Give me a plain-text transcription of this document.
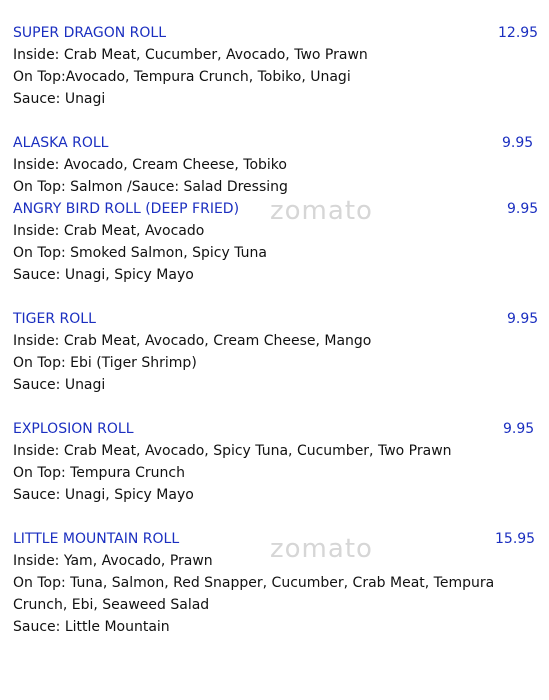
SUPER DRAGON ROLL	12.95
Inside: Crab Meat, Cucumber, Avocado, Two Prawn
On Top:Avocado, Tempura Crunch, Tobiko, Unagi
Sauce: Unagi
ALASKA ROLL	9.95
Inside: Avocado, Cream Cheese, Tobiko
On Top: Salmon /Sauce: Salad Dressing
ANGRY BIRD ROLL (DEEP FRIED)	9.95
Inside: Crab Meat, Avocado
On Top: Smoked Salmon, Spicy Tuna
Sauce: Unagi, Spicy Mayo
TIGER ROLL	9.95
Inside: Crab Meat, Avocado, Cream Cheese, Mango
On Top: Ebi (Tiger Shrimp)
Sauce: Unagi
EXPLOSION ROLL	9.95
Inside: Crab Meat, Avocado, Spicy Tuna, Cucumber, Two Prawn
On Top: Tempura Crunch
Sauce: Unagi, Spicy Mayo
LITTLE MOUNTAIN ROLL	15.95
Inside: Yam, Avocado, Prawn
On Top: Tuna, Salmon, Red Snapper, Cucumber, Crab Meat, Tempura Crunch, Ebi, Seaweed Salad
Sauce: Little Mountain
zomato
zomato
